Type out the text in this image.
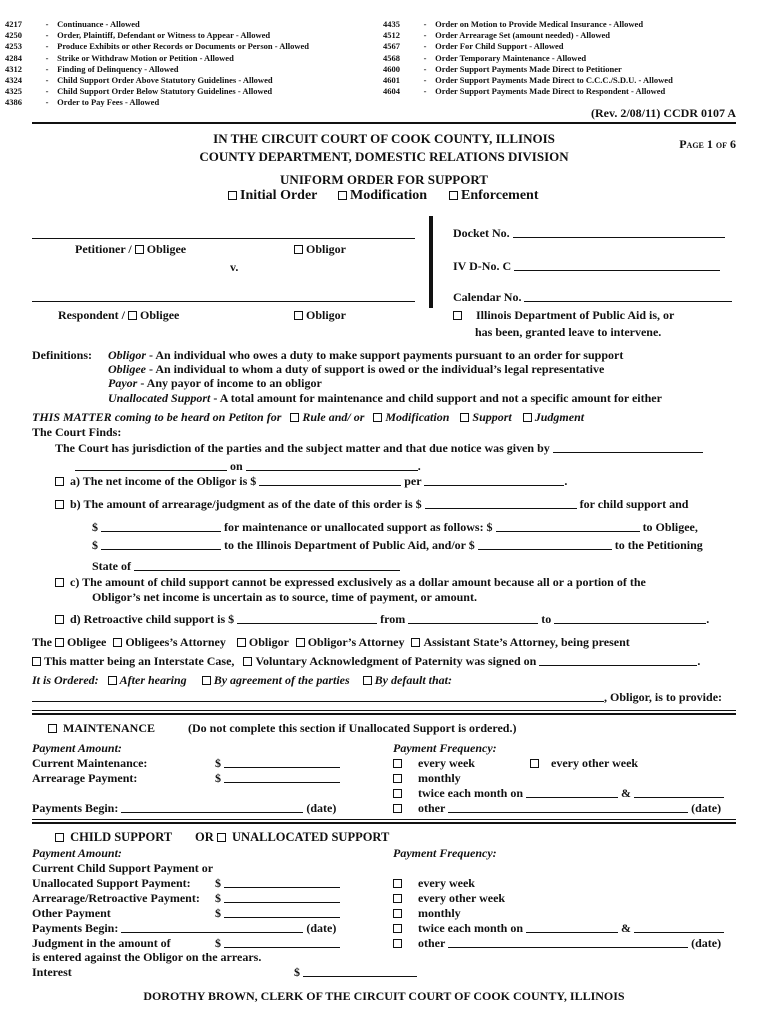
4217	- Continuance - Allowed
4250	- Order, Plaintiff, Defendant or Witness to Appear - Allowed
4253	- Produce Exhibits or other Records or Documents or Person - Allowed
4284	- Strike or Withdraw Motion or Petition - Allowed
4312	- Finding of Delinquency - Allowed
4324	- Child Support Order Above Statutory Guidelines - Allowed
4325	- Child Support Order Below Statutory Guidelines - Allowed
4386	- Order to Pay Fees - Allowed
4435	- Order on Motion to Provide Medical Insurance - Allowed
4512	- Order Arrearage Set (amount needed) - Allowed
4567	- Order For Child Support - Allowed
4568	- Order Temporary Maintenance - Allowed
4600	- Order Support Payments Made Direct to Petitioner
4601	- Order Support Payments Made Direct to C.C.C./S.D.U. - Allowed
4604	- Order Support Payments Made Direct to Respondent - Allowed
(Rev. 2/08/11) CCDR 0107 A
IN THE CIRCUIT COURT OF COOK COUNTY, ILLINOIS
COUNTY DEPARTMENT, DOMESTIC RELATIONS DIVISION
Page 1 of 6
UNIFORM ORDER FOR SUPPORT
Initial Order	Modification	Enforcement
Petitioner / Obligee	Obligor
v.
Respondent / Obligee	Obligor
Docket No.
IV D-No. C
Calendar No.
Illinois Department of Public Aid is, or
has been, granted leave to intervene.
Definitions: Obligor - An individual who owes a duty to make support payments pursuant to an order for support
Obligee - An individual to whom a duty of support is owed or the individual’s legal representative
Payor - Any payor of income to an obligor
Unallocated Support - A total amount for maintenance and child support and not a specific amount for either
THIS MATTER coming to be heard on Petiton for Rule and/ or Modification Support Judgment
The Court Finds:
The Court has jurisdiction of the parties and the subject matter and that due notice was given by
on	.
a) The net income of the Obligor is $	per	.
b) The amount of arrearage/judgment as of the date of this order is $	for child support and
$	for maintenance or unallocated support as follows: $	to Obligee,
$	to the Illinois Department of Public Aid, and/or $	to the Petitioning
State of
c) The amount of child support cannot be expressed exclusively as a dollar amount because all or a portion of the
Obligor’s net income is uncertain as to source, time of payment, or amount.
d) Retroactive child support is $	from	to	.
The Obligee Obligees’s Attorney Obligor Obligor’s Attorney Assistant State’s Attorney, being present
This matter being an Interstate Case, Voluntary Acknowledgment of Paternity was signed on	.
It is Ordered: After hearing By agreement of the parties By default that:
, Obligor, is to provide:
MAINTENANCE	(Do not complete this section if Unallocated Support is ordered.)
Payment Amount:
Current Maintenance:	$
Arrearage Payment:	$
Payments Begin:	(date)
Payment Frequency:
every week	every other week
monthly
twice each month on	&
other	(date)
CHILD SUPPORT OR UNALLOCATED SUPPORT
Payment Amount:
Current Child Support Payment or
Unallocated Support Payment: $
Arrearage/Retroactive Payment: $
Other Payment	$
Payments Begin:	(date)
Judgment in the amount of	$
is entered against the Obligor on the arrears.
Interest	$
Payment Frequency:
every week
every other week
monthly
twice each month on	&
other	(date)
DOROTHY BROWN, CLERK OF THE CIRCUIT COURT OF COOK COUNTY, ILLINOIS
